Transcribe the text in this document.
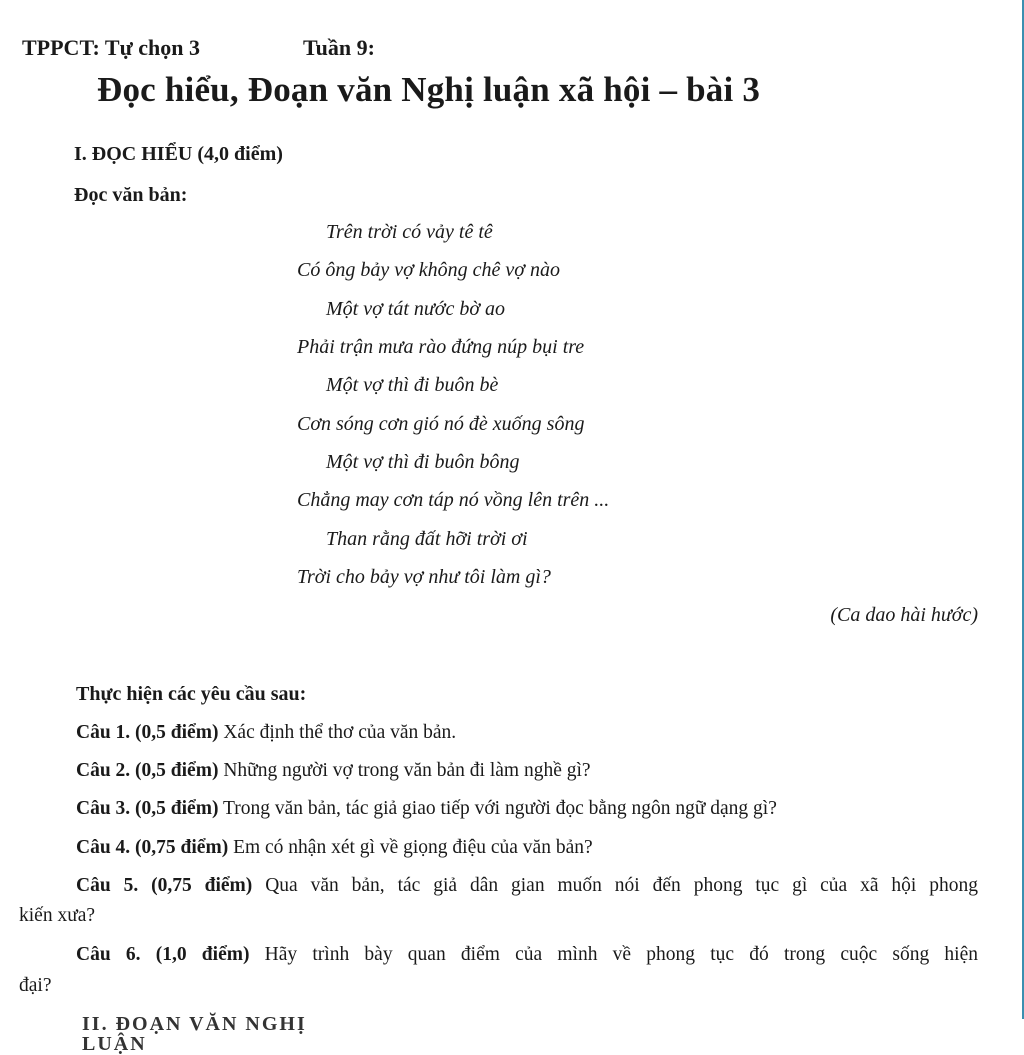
TPPCT: Tự chọn 3	Tuần 9:
Đọc hiểu, Đoạn văn Nghị luận xã hội – bài 3
I. ĐỌC HIỂU (4,0 điểm)
Đọc văn bản:
Trên trời có vảy tê tê
Có ông bảy vợ không chê vợ nào
Một vợ tát nước bờ ao
Phải trận mưa rào đứng núp bụi tre
Một vợ thì đi buôn bè
Cơn sóng cơn gió nó đè xuống sông
Một vợ thì đi buôn bông
Chẳng may cơn táp nó vồng lên trên ...
Than rằng đất hỡi trời ơi
Trời cho bảy vợ như tôi làm gì?
(Ca dao hài hước)
Thực hiện các yêu cầu sau:
Câu 1. (0,5 điểm) Xác định thể thơ của văn bản.
Câu 2. (0,5 điểm) Những người vợ trong văn bản đi làm nghề gì?
Câu 3. (0,5 điểm) Trong văn bản, tác giả giao tiếp với người đọc bằng ngôn ngữ dạng gì?
Câu 4. (0,75 điểm) Em có nhận xét gì về giọng điệu của văn bản?
Câu 5. (0,75 điểm) Qua văn bản, tác giả dân gian muốn nói đến phong tục gì của xã hội phong
kiến xưa?
Câu 6. (1,0 điểm) Hãy trình bày quan điểm của mình về phong tục đó trong cuộc sống hiện
đại?
II. ĐOẠN VĂN NGHỊ LUẬN
